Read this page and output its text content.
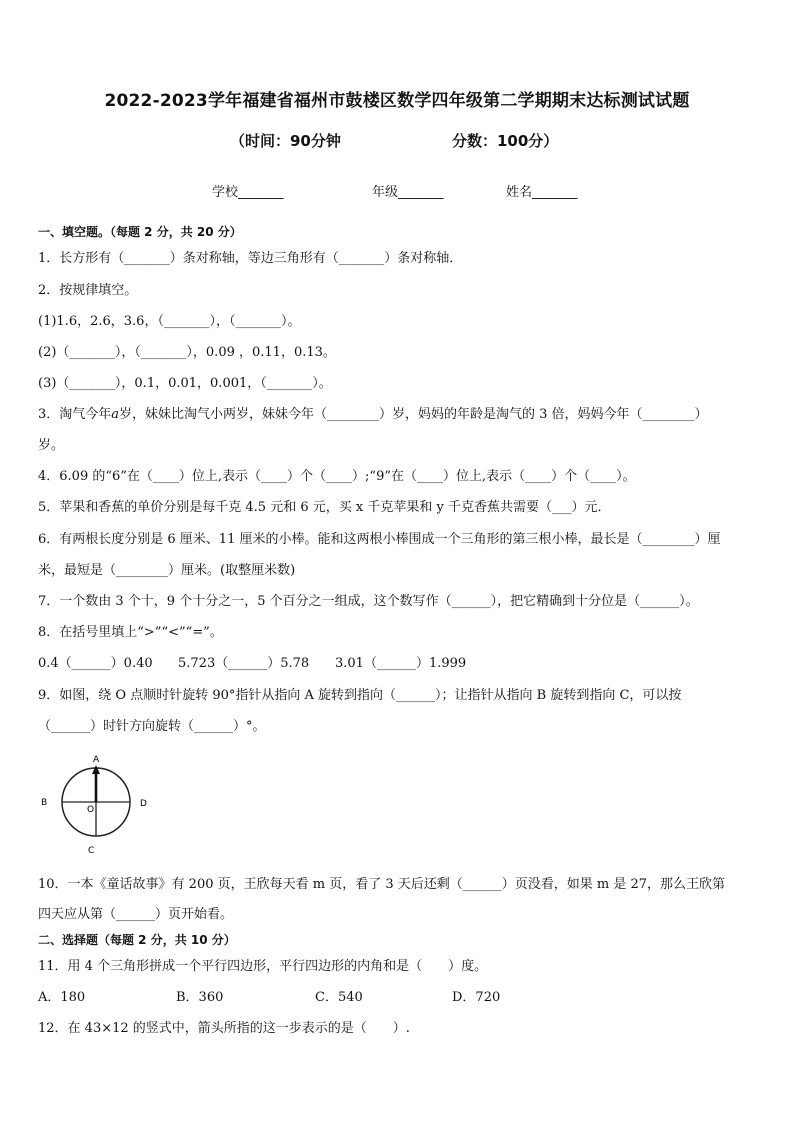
2022-2023学年福建省福州市鼓楼区数学四年级第二学期期末达标测试试题
（时间：90分钟	分数：100分）
学校_______	年级_______	姓名_______
一、填空题。（每题 2 分，共 20 分）
1．长方形有（_______）条对称轴，等边三角形有（_______）条对称轴．
2．按规律填空。
(1)1.6，2.6，3.6，（_______），（_______）。
(2)（_______），（_______），0.09 ，0.11，0.13。
(3)（_______），0.1，0.01，0.001，（_______）。
3．淘气今年𝑎岁，妹妹比淘气小两岁，妹妹今年（________）岁，妈妈的年龄是淘气的 3 倍，妈妈今年（________）
岁。
4．6.09 的“6”在（____）位上,表示（____）个（____）;“9”在（____）位上,表示（____）个（____）。
5．苹果和香蕉的单价分别是每千克 4.5 元和 6 元，买 x 千克苹果和 y 千克香蕉共需要（___）元．
6．有两根长度分别是 6 厘米、11 厘米的小棒。能和这两根小棒围成一个三角形的第三根小棒，最长是（________）厘
米，最短是（________）厘米。(取整厘米数)
7．一个数由 3 个十，9 个十分之一，5 个百分之一组成，这个数写作（______），把它精确到十分位是（______）。
8．在括号里填上“>”“<”“=”。
0.4（______）0.40 5.723（______）5.78 3.01（______）1.999
9．如图，绕 O 点顺时针旋转 90°指针从指向 A 旋转到指向（______）；让指针从指向 B 旋转到指向 C，可以按
（______）时针方向旋转（______）°。
A
B	D
C
O
10．一本《童话故事》有 200 页，王欣每天看 m 页，看了 3 天后还剩（______）页没看，如果 m 是 27，那么王欣第
四天应从第（______）页开始看。
二、选择题（每题 2 分，共 10 分）
11．用 4 个三角形拼成一个平行四边形，平行四边形的内角和是（　　）度。
A．180	B．360	C．540	D．720
12．在 43×12 的竖式中，箭头所指的这一步表示的是（　　）.
